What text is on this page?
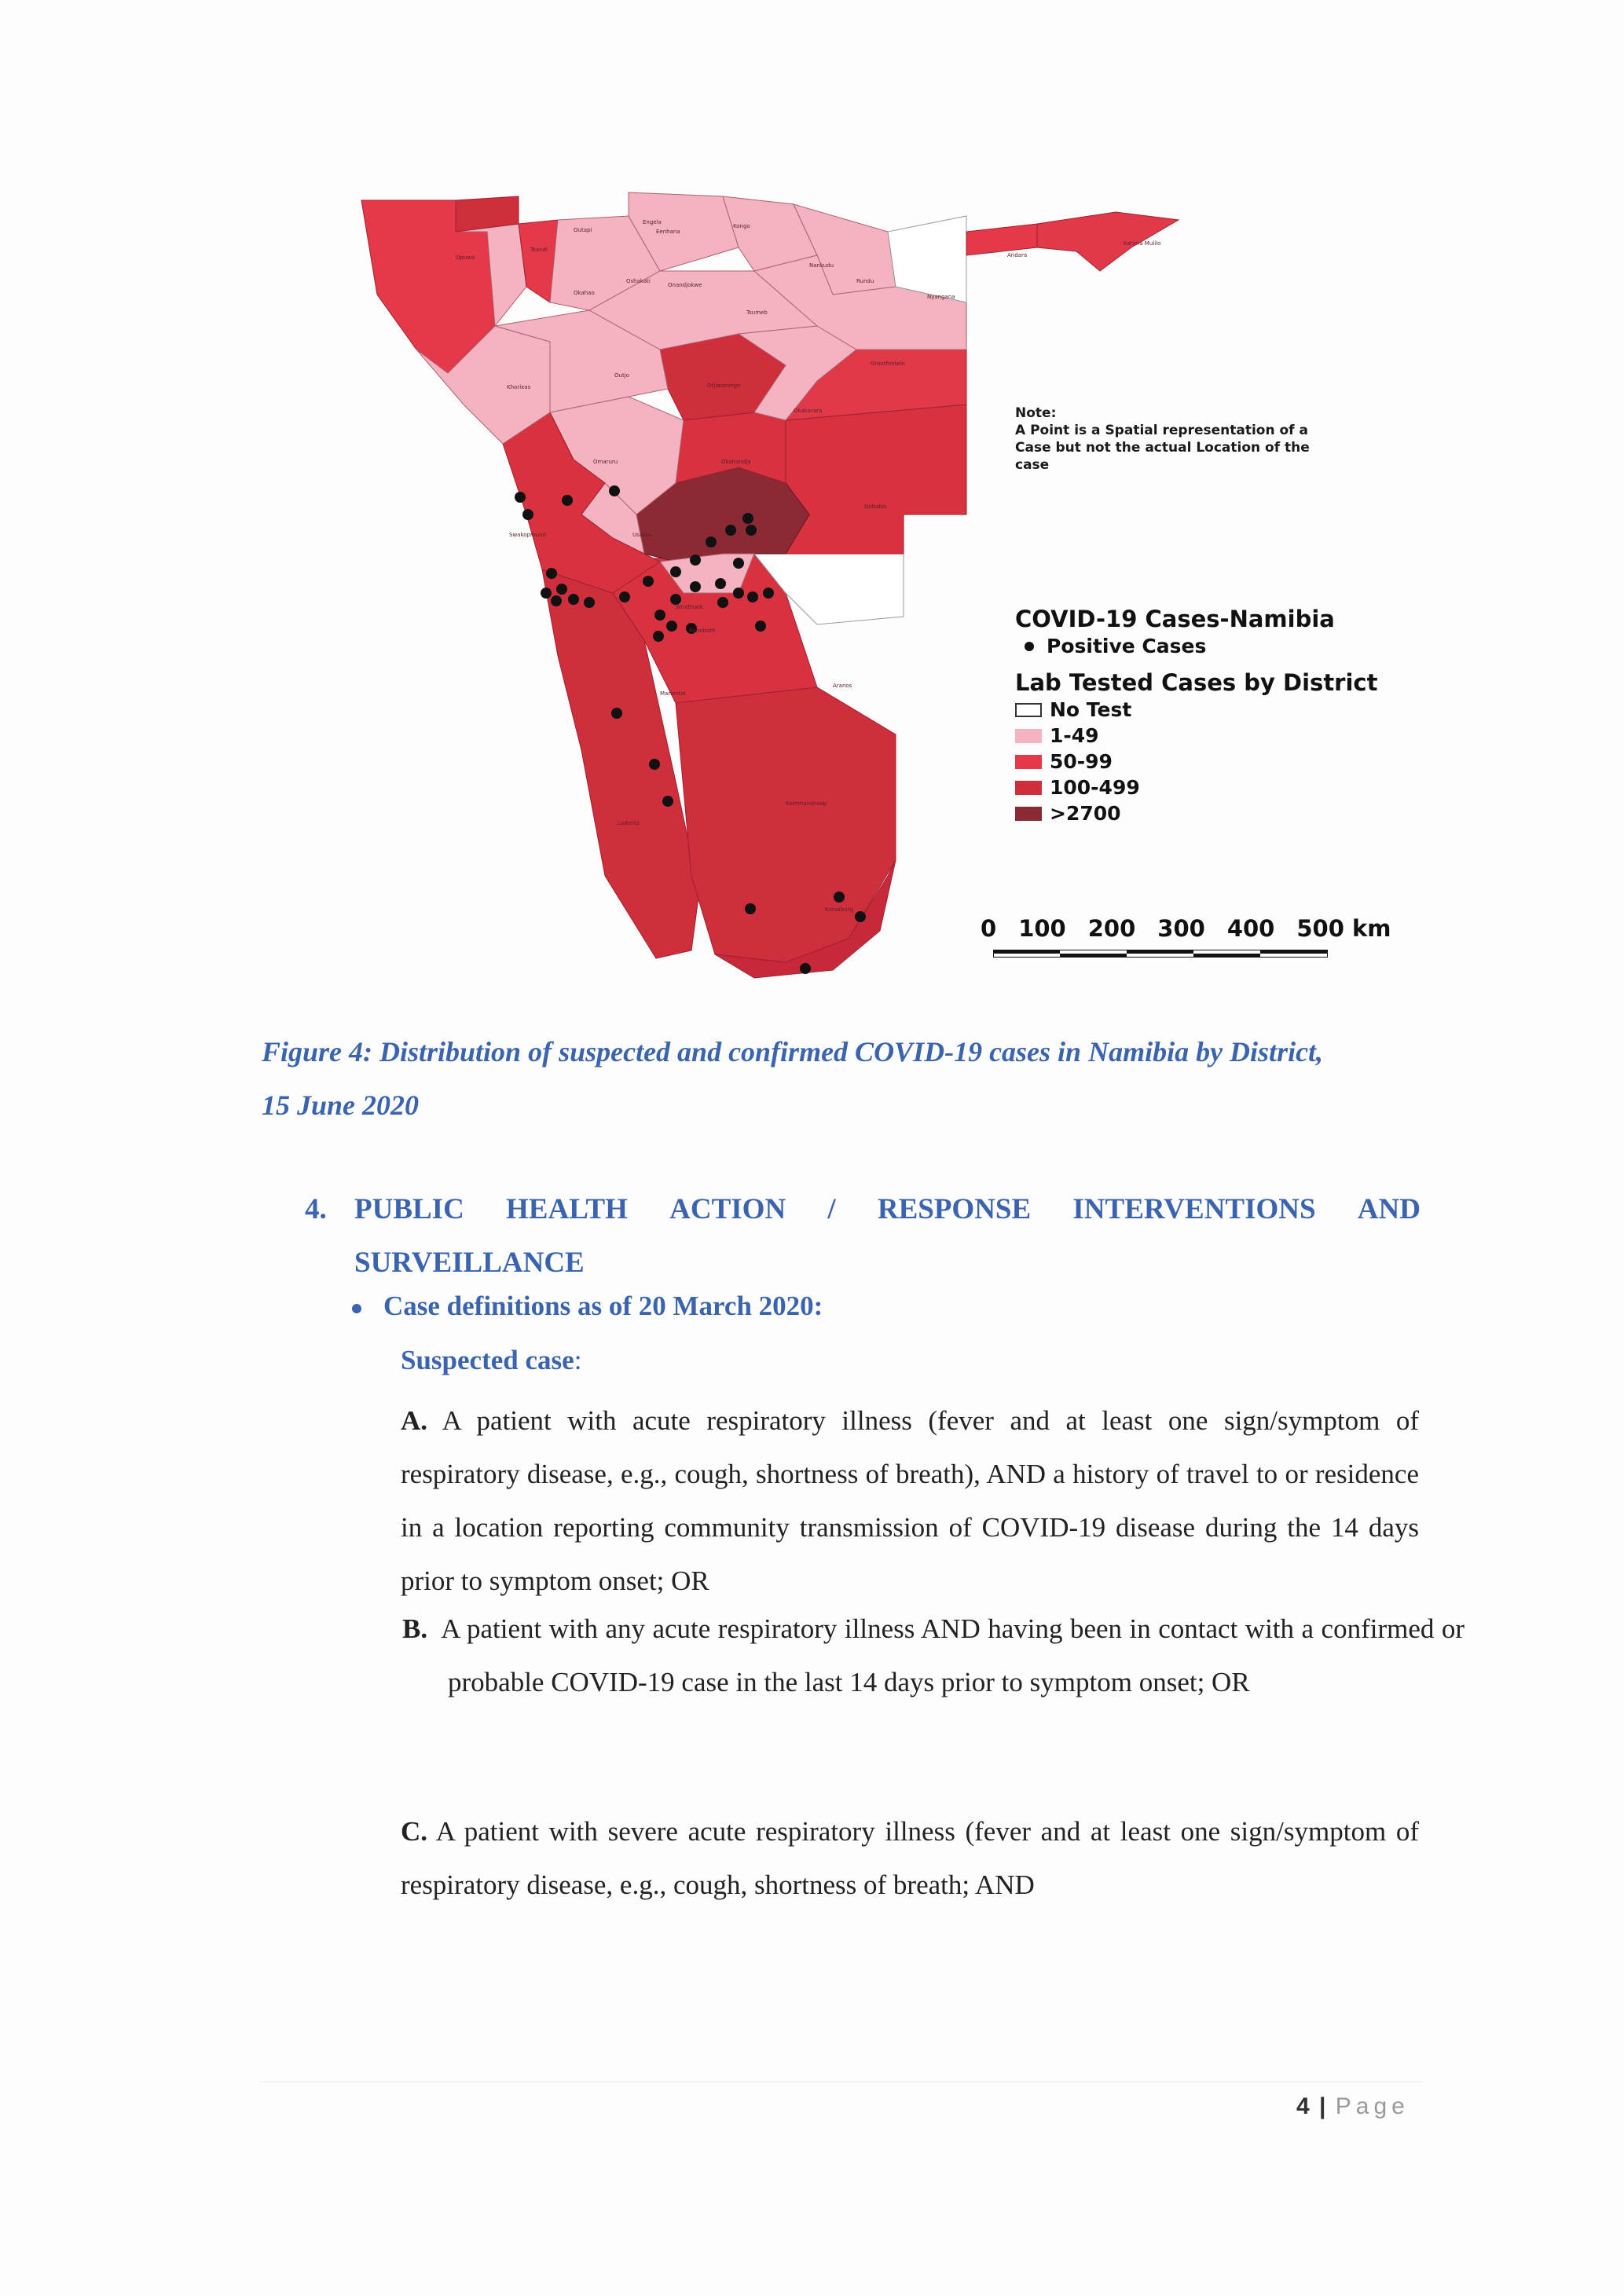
Tsandi
Outapi
Engela
Eenhana
Kongo
Nankudu
Rundu
Nyangana
Andara
Katima Mulilo
Okahao
Oshakati
Onandjokwe
Tsumeb
Grootfontein
Opuwo
Khorixas
Outjo
Otjiwarongo
Okakarara
Omaruru	Okahandja
Gobabis
Usakos
Swakopmund
Windhoek
Rehoboth
Aranos
Mariental
Luderitz
Keetmanshoop
Karasburg
Note:
A Point is a Spatial representation of a
Case but not the actual Location of the
case
COVID-19 Cases-Namibia
Positive Cases
Lab Tested Cases by District
No Test
1-49
50-99
100-499
>2700
0 100 200 300 400 500 km
Figure 4: Distribution of suspected and confirmed COVID-19 cases in Namibia by District,
15 June 2020
4. PUBLIC HEALTH ACTION / RESPONSE INTERVENTIONS AND
SURVEILLANCE
Case definitions as of 20 March 2020:
Suspected case:
A. A patient with acute respiratory illness (fever and at least one sign/symptom of respiratory disease, e.g., cough, shortness of breath), AND a history of travel to or residence in a location reporting community transmission of COVID-19 disease during the 14 days prior to symptom onset; OR
B. A patient with any acute respiratory illness AND having been in contact with a confirmed or probable COVID-19 case in the last 14 days prior to symptom onset; OR
C. A patient with severe acute respiratory illness (fever and at least one sign/symptom of respiratory disease, e.g., cough, shortness of breath; AND
4 | Page
